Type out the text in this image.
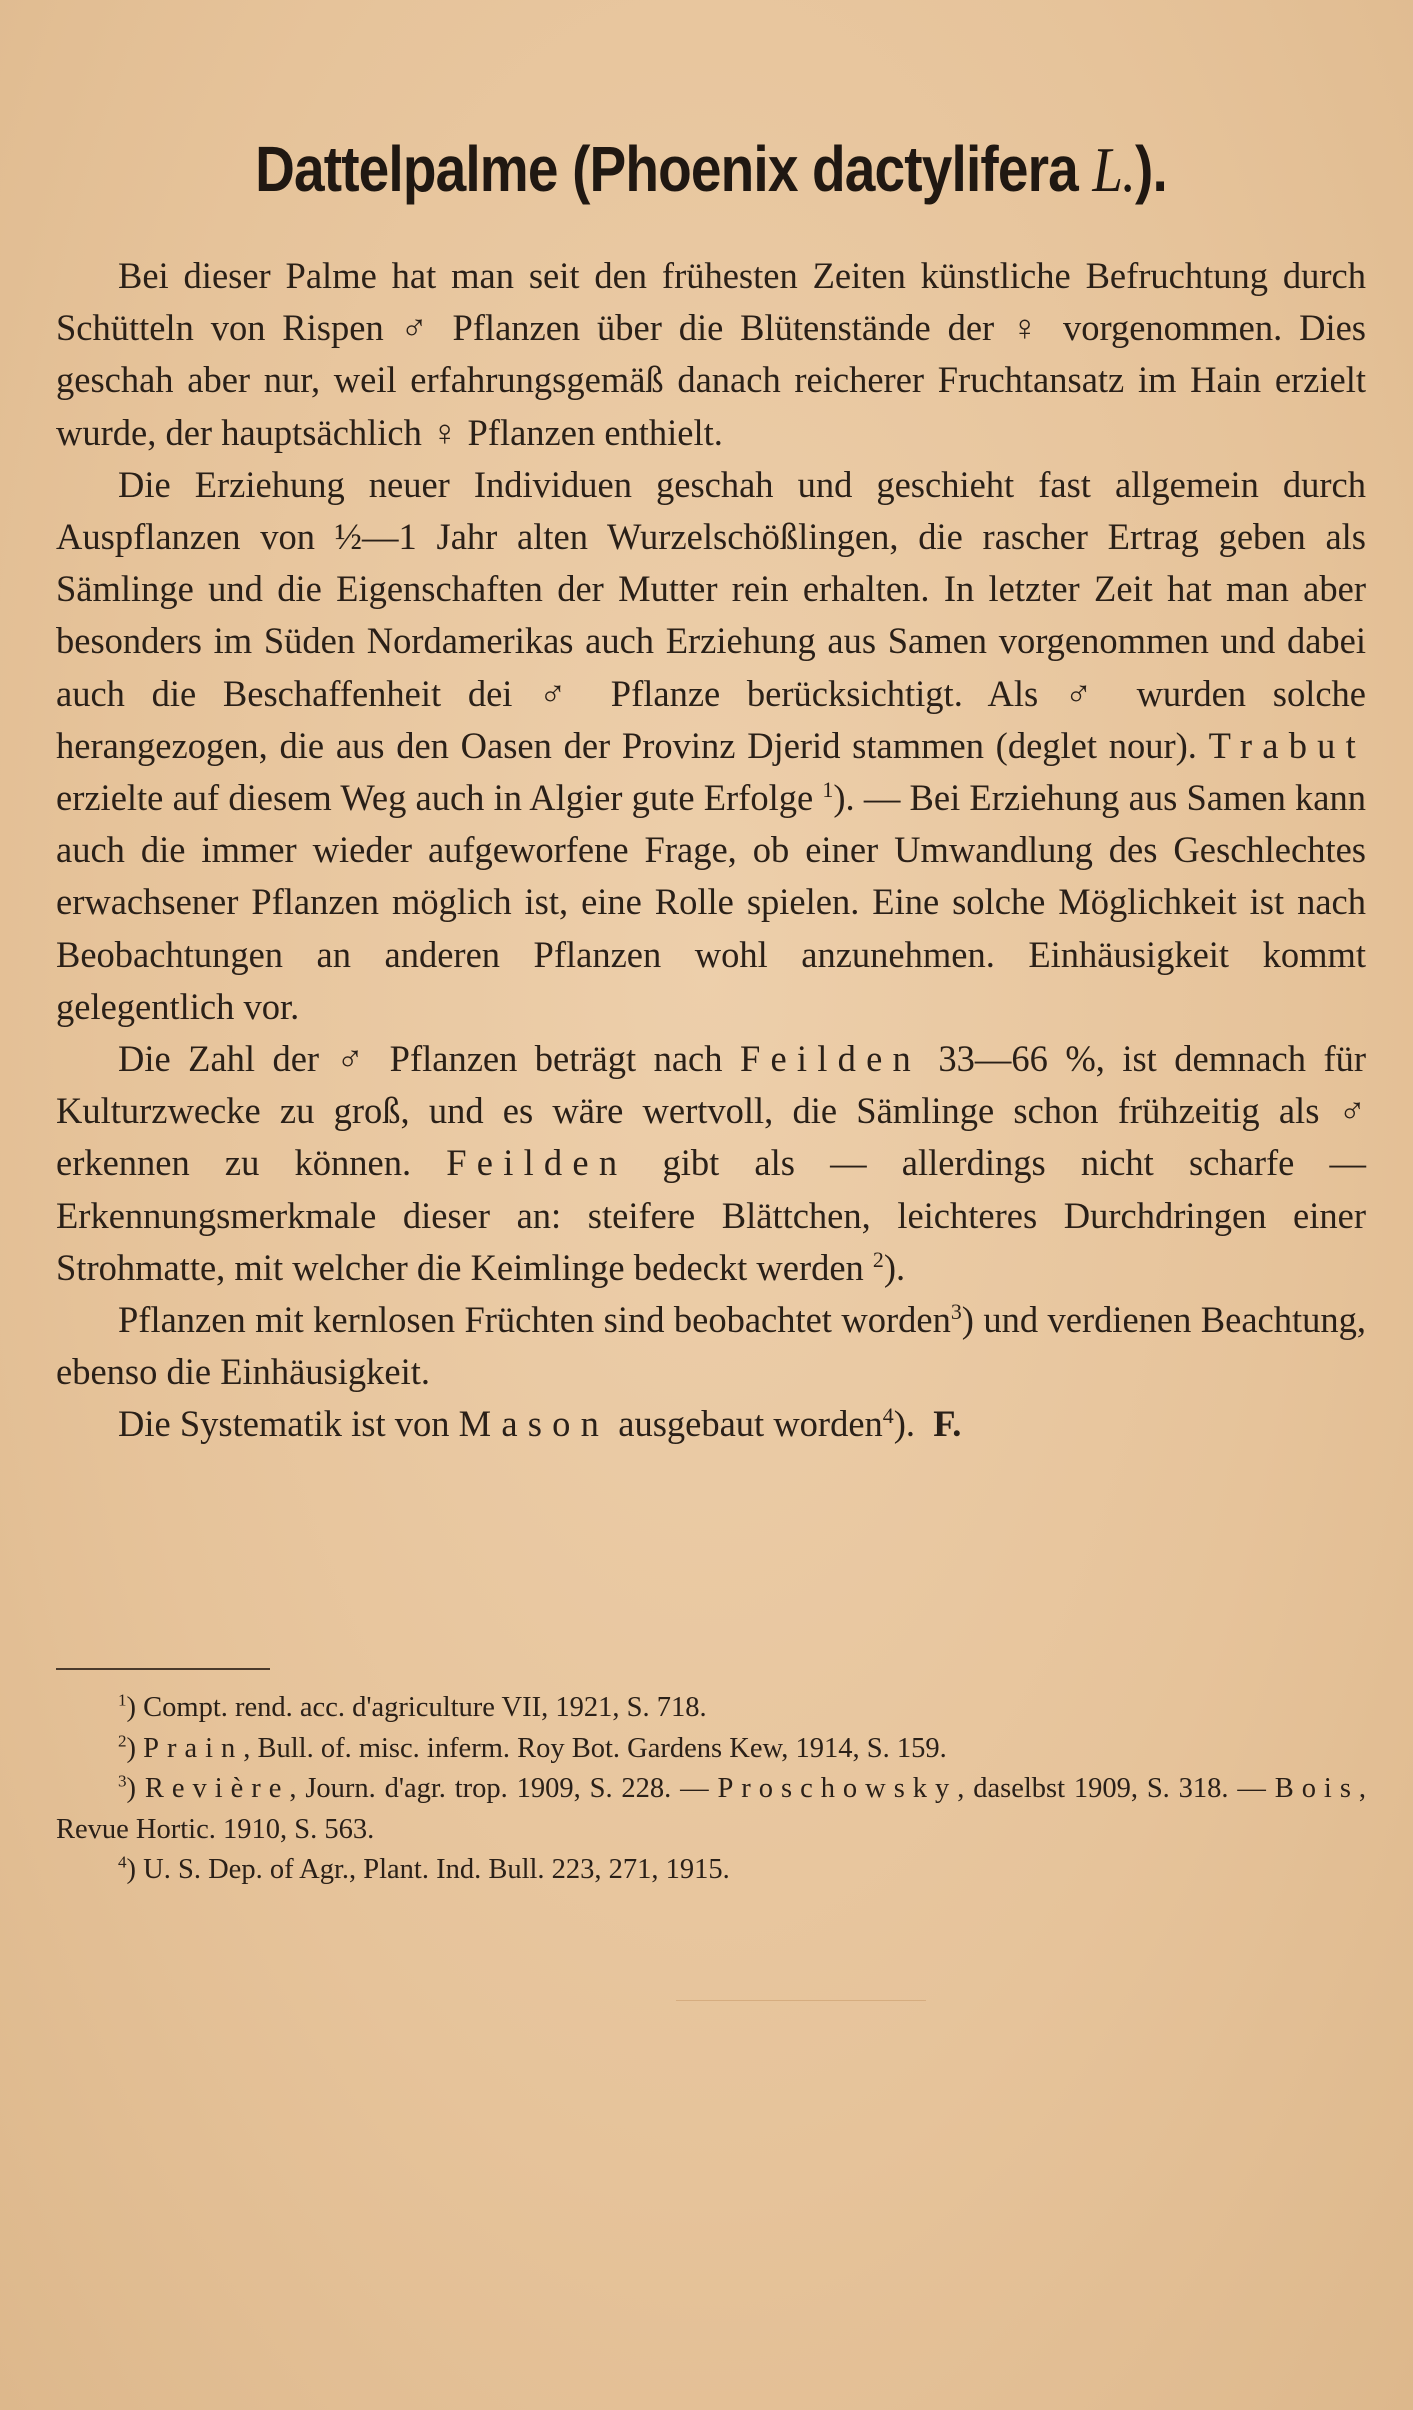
Dattelpalme (Phoenix dactylifera L.).

Bei dieser Palme hat man seit den frühesten Zeiten künstliche Befruchtung durch Schütteln von Rispen ♂ Pflanzen über die Blütenstände der ♀ vorgenommen. Dies geschah aber nur, weil erfahrungsgemäß danach reicherer Fruchtansatz im Hain erzielt wurde, der hauptsächlich ♀ Pflanzen enthielt.

Die Erziehung neuer Individuen geschah und geschieht fast allgemein durch Auspflanzen von ½—1 Jahr alten Wurzelschößlingen, die rascher Ertrag geben als Sämlinge und die Eigenschaften der Mutter rein erhalten. In letzter Zeit hat man aber besonders im Süden Nordamerikas auch Erziehung aus Samen vorgenommen und dabei auch die Beschaffenheit dei ♂ Pflanze berücksichtigt. Als ♂ wurden solche herangezogen, die aus den Oasen der Provinz Djerid stammen (deglet nour). Trabut erzielte auf diesem Weg auch in Algier gute Erfolge $^1$). — Bei Erziehung aus Samen kann auch die immer wieder aufgeworfene Frage, ob einer Umwandlung des Geschlechtes erwachsener Pflanzen möglich ist, eine Rolle spielen. Eine solche Möglichkeit ist nach Beobachtungen an anderen Pflanzen wohl anzunehmen. Einhäusigkeit kommt gelegentlich vor.

Die Zahl der ♂ Pflanzen beträgt nach Feilden 33—66 %, ist demnach für Kulturzwecke zu groß, und es wäre wertvoll, die Sämlinge schon frühzeitig als ♂ erkennen zu können. Feilden gibt als — allerdings nicht scharfe — Erkennungsmerkmale dieser an: steifere Blättchen, leichteres Durchdringen einer Strohmatte, mit welcher die Keimlinge bedeckt werden $^2$).

Pflanzen mit kernlosen Früchten sind beobachtet worden$^3$) und verdienen Beachtung, ebenso die Einhäusigkeit.

Die Systematik ist von Mason ausgebaut worden$^4$). F.

$^1$) Compt. rend. acc. d'agriculture VII, 1921, S. 718.

$^2$) Prain, Bull. of. misc. inferm. Roy Bot. Gardens Kew, 1914, S. 159.

$^3$) Revière, Journ. d'agr. trop. 1909, S. 228. — Proschowsky, daselbst 1909, S. 318. — Bois, Revue Hortic. 1910, S. 563.

$^4$) U. S. Dep. of Agr., Plant. Ind. Bull. 223, 271, 1915.
